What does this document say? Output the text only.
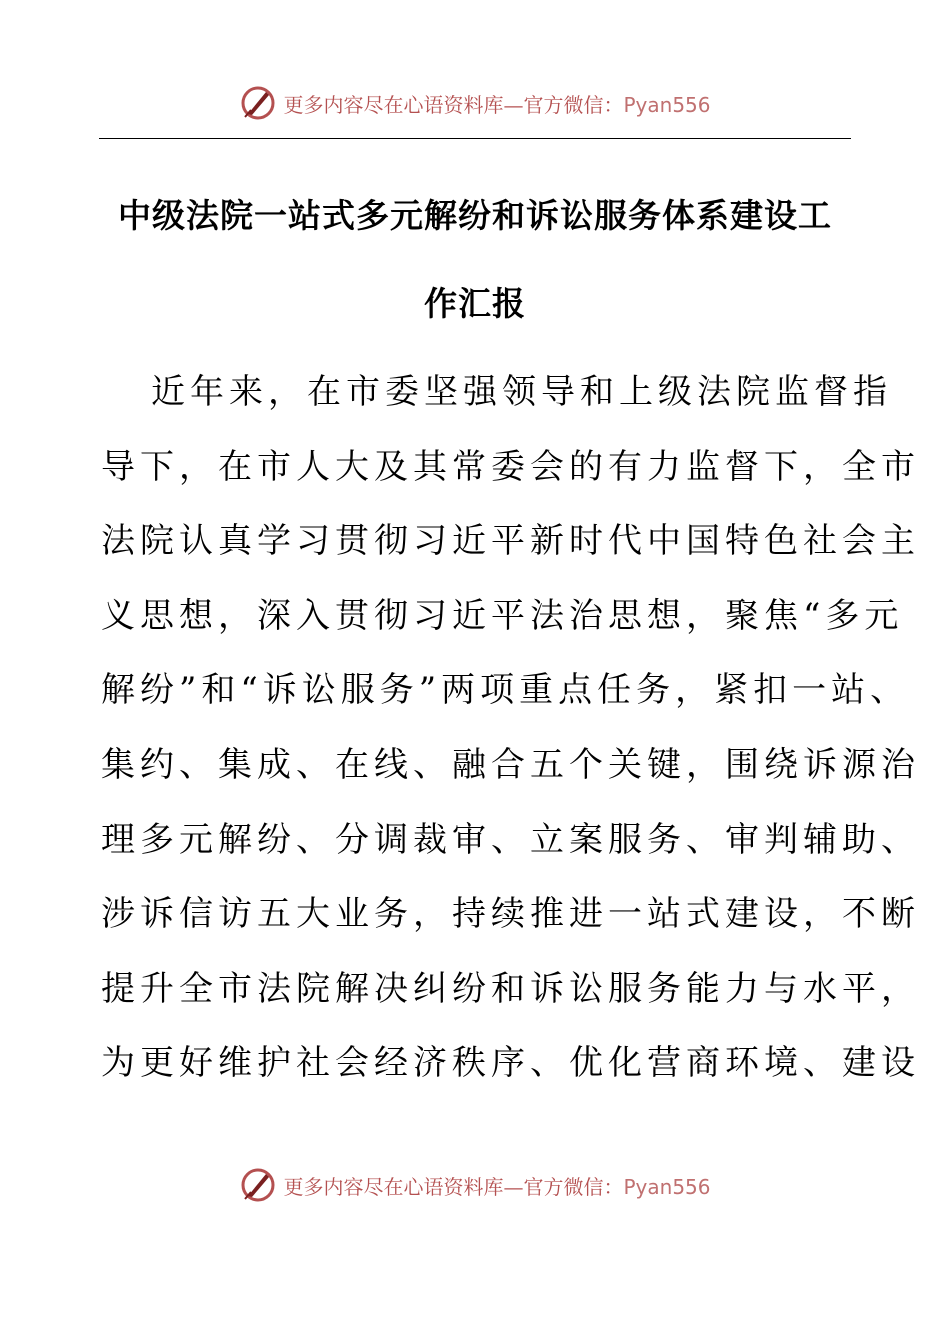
更多内容尽在心语资料库—官方微信：Pyan556
中级法院一站式多元解纷和诉讼服务体系建设工
作汇报

近年来，在市委坚强领导和上级法院监督指
导下，在市人大及其常委会的有力监督下，全市
法院认真学习贯彻习近平新时代中国特色社会主
义思想，深入贯彻习近平法治思想，聚焦“多元
解纷”和“诉讼服务”两项重点任务，紧扣一站、
集约、集成、在线、融合五个关键，围绕诉源治
理多元解纷、分调裁审、立案服务、审判辅助、
涉诉信访五大业务，持续推进一站式建设，不断
提升全市法院解决纠纷和诉讼服务能力与水平，
为更好维护社会经济秩序、优化营商环境、建设

更多内容尽在心语资料库—官方微信：Pyan556
